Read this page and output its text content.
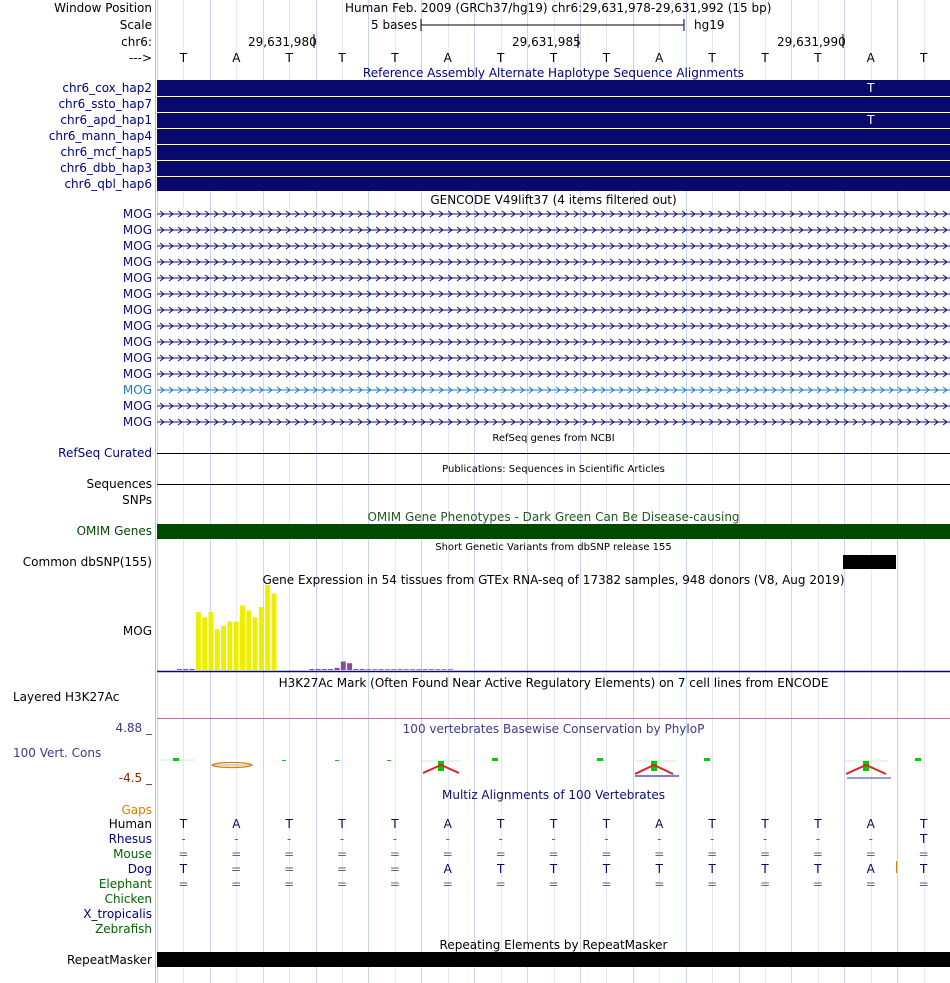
Window Position	Human Feb. 2009 (GRCh37/hg19) chr6:29,631,978-29,631,992 (15 bp)
Scale	5 bases	hg19
chr6:	29,631,980	29,631,985	29,631,990
--->	T	A	T	T	T	A	T	T	T	A	T	T	T	A	T
Reference Assembly Alternate Haplotype Sequence Alignments
chr6_cox_hap2
chr6_ssto_hap7
chr6_apd_hap1
chr6_mann_hap4
chr6_mcf_hap5
chr6_dbb_hap3
chr6_qbl_hap6
T
T
GENCODE V49lift37 (4 items filtered out)
MOG
MOG
MOG
MOG
MOG
MOG
MOG
MOG
MOG
MOG
MOG
MOG
MOG
MOG
RefSeq genes from NCBI
RefSeq Curated
Publications: Sequences in Scientific Articles
Sequences
SNPs
OMIM Gene Phenotypes - Dark Green Can Be Disease-causing
OMIM Genes
Short Genetic Variants from dbSNP release 155
Common dbSNP(155)
Gene Expression in 54 tissues from GTEx RNA-seq of 17382 samples, 948 donors (V8, Aug 2019)
MOG
H3K27Ac Mark (Often Found Near Active Regulatory Elements) on 7 cell lines from ENCODE
Layered H3K27Ac
100 vertebrates Basewise Conservation by PhyloP
4.88 _
100 Vert. Cons
-4.5 _
Gaps
Multiz Alignments of 100 Vertebrates
Human	T	A	T	T	T	A	T	T	T	A	T	T	T	A	T
Rhesus	-	-	-	-	-	-	-	-	-	-	-	-	-	-	T
Mouse	=	=	=	=	=	=	=	=	=	=	=	=	=	=	=
Dog	T	=	=	=	=	A	T	T	T	T	T	T	T	A	T
Elephant	=	=	=	=	=	=	=	=	=	=	=	=	=	=	=
Chicken
X_tropicalis
Zebrafish
Repeating Elements by RepeatMasker
RepeatMasker
